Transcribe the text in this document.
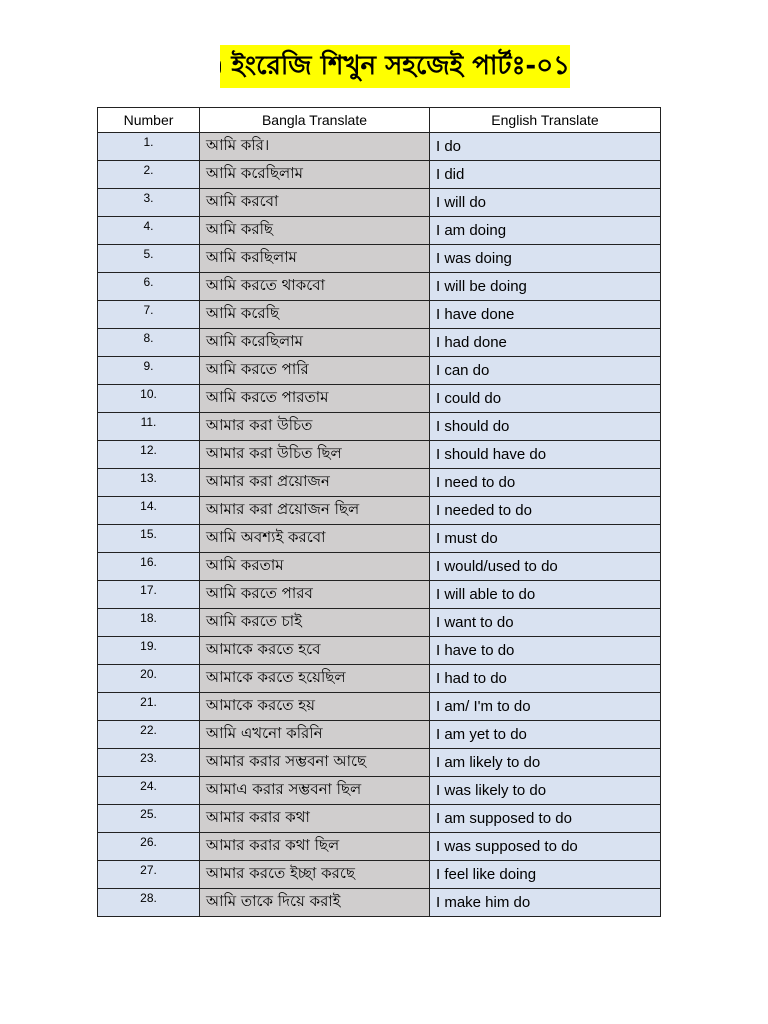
ইংরেজি শিখুন সহজেই পার্টঃ-০১
Number	Bangla Translate	English Translate
1.	আমি করি।	I do
2.	আমি করেছিলাম	I did
3.	আমি করবো	I will do
4.	আমি করছি	I am doing
5.	আমি করছিলাম	I was doing
6.	আমি করতে থাকবো	I will be doing
7.	আমি করেছি	I have done
8.	আমি করেছিলাম	I had done
9.	আমি করতে পারি	I can do
10.	আমি করতে পারতাম	I could do
11.	আমার করা উচিত	I should do
12.	আমার করা উচিত ছিল	I should have do
13.	আমার করা প্রয়োজন	I need to do
14.	আমার করা প্রয়োজন ছিল	I needed to do
15.	আমি অবশ্যই করবো	I must do
16.	আমি করতাম	I would/used to do
17.	আমি করতে পারব	I will able to do
18.	আমি করতে চাই	I want to do
19.	আমাকে করতে হবে	I have to do
20.	আমাকে করতে হয়েছিল	I had to do
21.	আমাকে করতে হয়	I am/ I'm to do
22.	আমি এখনো করিনি	I am yet to do
23.	আমার করার সম্ভবনা আছে	I am likely to do
24.	আমাএ করার সম্ভবনা ছিল	I was likely to do
25.	আমার করার কথা	I am supposed to do
26.	আমার করার কথা ছিল	I was supposed to do
27.	আমার করতে ইচ্ছা করছে	I feel like doing
28.	আমি তাকে দিয়ে করাই	I make him do
